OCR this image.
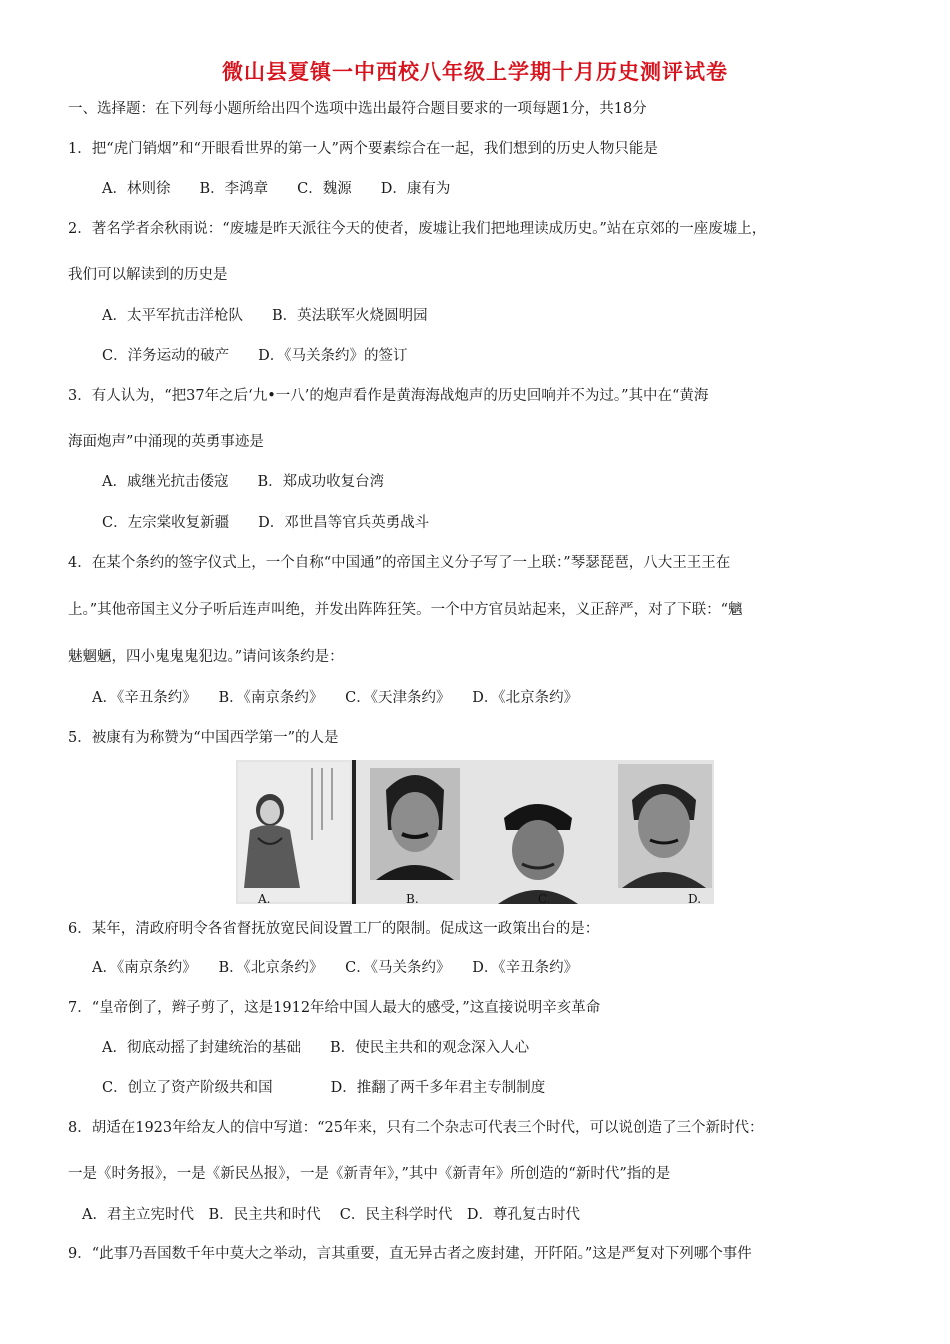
微山县夏镇一中西校八年级上学期十月历史测评试卷
一、选择题：在下列每小题所给出四个选项中选出最符合题目要求的一项每题1分，共18分
1．把“虎门销烟”和“开眼看世界的第一人”两个要素综合在一起，我们想到的历史人物只能是
A．林则徐　　B．李鸿章　　C．魏源　　D．康有为
2．著名学者余秋雨说：“废墟是昨天派往今天的使者，废墟让我们把地理读成历史。”站在京郊的一座废墟上，
我们可以解读到的历史是
A．太平军抗击洋枪队　　B．英法联军火烧圆明园
C．洋务运动的破产　　D．《马关条约》的签订
3．有人认为，“把37年之后‘九•一八’的炮声看作是黄海海战炮声的历史回响并不为过。”其中在“黄海
海面炮声”中涌现的英勇事迹是
A．戚继光抗击倭寇　　B．郑成功收复台湾
C．左宗棠收复新疆　　D．邓世昌等官兵英勇战斗
4．在某个条约的签字仪式上，一个自称“中国通”的帝国主义分子写了一上联：”琴瑟琵琶，八大王王王在
上。”其他帝国主义分子听后连声叫绝，并发出阵阵狂笑。一个中方官员站起来，义正辞严，对了下联：“魑
魅魍魉，四小鬼鬼鬼犯边。”请问该条约是：
A．《辛丑条约》　　B．《南京条约》　　C．《天津条约》　　D．《北京条约》
5．被康有为称赞为“中国西学第一”的人是
A.	B.	C.	D.
6．某年，清政府明令各省督抚放宽民间设置工厂的限制。促成这一政策出台的是：
A．《南京条约》　　B．《北京条约》　　C．《马关条约》　　D．《辛丑条约》
7．“皇帝倒了，辫子剪了，这是1912年给中国人最大的感受，”这直接说明辛亥革命
A．彻底动摇了封建统治的基础　　B．使民主共和的观念深入人心
C．创立了资产阶级共和国　　　　D．推翻了两千多年君主专制制度
8．胡适在1923年给友人的信中写道：“25年来，只有二个杂志可代表三个时代，可以说创造了三个新时代：
一是《时务报》，一是《新民丛报》，一是《新青年》，”其中《新青年》所创造的“新时代”指的是
A．君主立宪时代　B．民主共和时代　 C．民主科学时代　D．尊孔复古时代
9．“此事乃吾国数千年中莫大之举动，言其重要，直无异古者之废封建，开阡陌。”这是严复对下列哪个事件
